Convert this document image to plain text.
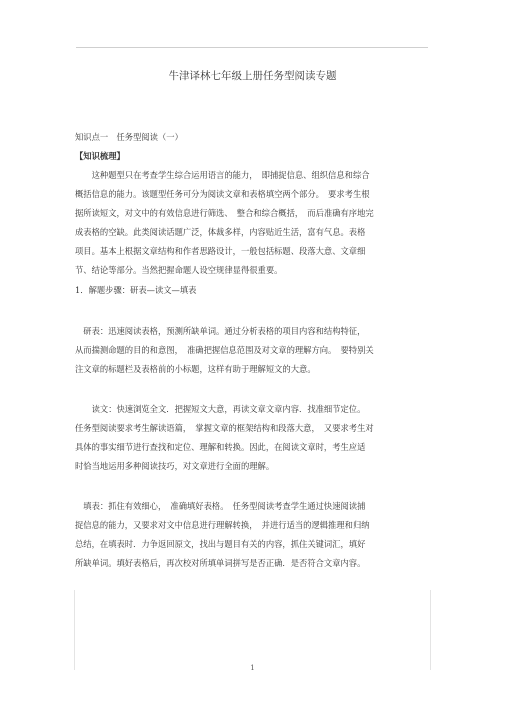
牛津译林七年级上册任务型阅读专题
知识点一　任务型阅读（一）
【知识梳理】
　　这种题型只在考查学生综合运用语言的能力，　即捕捉信息、组织信息和综合
概括信息的能力。该题型任务可分为阅读文章和表格填空两个部分。　要求考生根
据所读短文，对文中的有效信息进行筛选、　整合和综合概括，　而后准确有序地完
成表格的空缺。此类阅读话题广泛，体裁多样，内容贴近生活，富有气息。表格
项目。基本上根据文章结构和作者思路设计，一般包括标题、段落大意、文章细
节、结论等部分。当然把握命题人设空规律显得很重要。
1．解题步骤：研表—读文—填表
　研表：迅速阅读表格，预测所缺单词。通过分析表格的项目内容和结构特征，
从而揣测命题的目的和意图，　准确把握信息范围及对文章的理解方向。　要特别关
注文章的标题栏及表格前的小标题，这样有助于理解短文的大意。
　　读文：快速浏览全文．把握短文大意，再读文章文章内容．找准细节定位。
任务型阅读要求考生解读语篇，　掌握文章的框架结构和段落大意，　又要求考生对
具体的事实细节进行查找和定位、理解和转换。因此，在阅读文章时，考生应适
时恰当地运用多种阅读技巧，对文章进行全面的理解。
　填表：抓住有效细心，　准确填好表格。　任务型阅读考查学生通过快速阅读捕
捉信息的能力，又要求对文中信息进行理解转换，　并进行适当的逻辑推理和归纳
总结，在填表时．力争返回原文，找出与题目有关的内容，抓住关键词汇，填好
所缺单词。填好表格后，再次校对所填单词拼写是否正确．是否符合文章内容。
1
